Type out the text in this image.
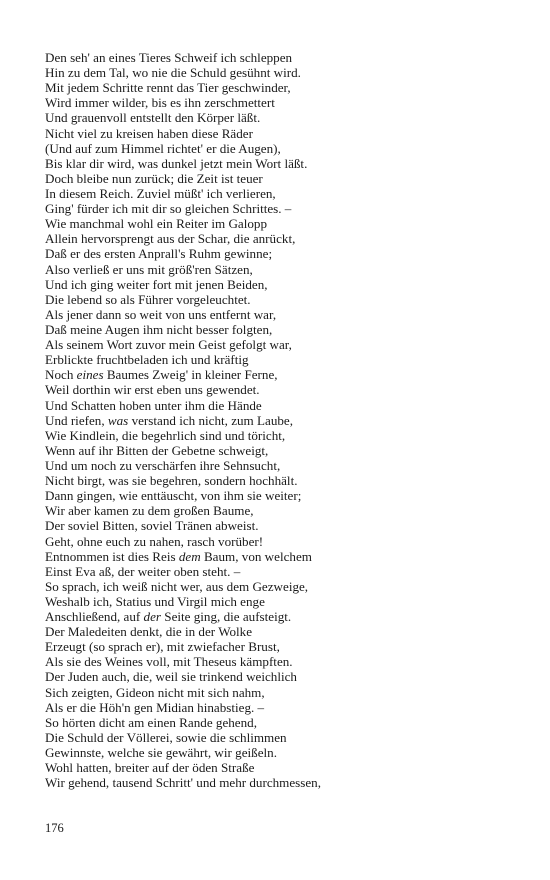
Den seh' an eines Tieres Schweif ich schleppen
Hin zu dem Tal, wo nie die Schuld gesühnt wird.
Mit jedem Schritte rennt das Tier geschwinder,
Wird immer wilder, bis es ihn zerschmettert
Und grauenvoll entstellt den Körper läßt.
Nicht viel zu kreisen haben diese Räder
(Und auf zum Himmel richtet' er die Augen),
Bis klar dir wird, was dunkel jetzt mein Wort läßt.
Doch bleibe nun zurück; die Zeit ist teuer
In diesem Reich. Zuviel müßt' ich verlieren,
Ging' fürder ich mit dir so gleichen Schrittes. –
Wie manchmal wohl ein Reiter im Galopp
Allein hervorsprengt aus der Schar, die anrückt,
Daß er des ersten Anprall's Ruhm gewinne;
Also verließ er uns mit größ'ren Sätzen,
Und ich ging weiter fort mit jenen Beiden,
Die lebend so als Führer vorgeleuchtet.
Als jener dann so weit von uns entfernt war,
Daß meine Augen ihm nicht besser folgten,
Als seinem Wort zuvor mein Geist gefolgt war,
Erblickte fruchtbeladen ich und kräftig
Noch eines Baumes Zweig' in kleiner Ferne,
Weil dorthin wir erst eben uns gewendet.
Und Schatten hoben unter ihm die Hände
Und riefen, was verstand ich nicht, zum Laube,
Wie Kindlein, die begehrlich sind und töricht,
Wenn auf ihr Bitten der Gebetne schweigt,
Und um noch zu verschärfen ihre Sehnsucht,
Nicht birgt, was sie begehren, sondern hochhält.
Dann gingen, wie enttäuscht, von ihm sie weiter;
Wir aber kamen zu dem großen Baume,
Der soviel Bitten, soviel Tränen abweist.
Geht, ohne euch zu nahen, rasch vorüber!
Entnommen ist dies Reis dem Baum, von welchem
Einst Eva aß, der weiter oben steht. –
So sprach, ich weiß nicht wer, aus dem Gezweige,
Weshalb ich, Statius und Virgil mich enge
Anschließend, auf der Seite ging, die aufsteigt.
Der Maledeiten denkt, die in der Wolke
Erzeugt (so sprach er), mit zwiefacher Brust,
Als sie des Weines voll, mit Theseus kämpften.
Der Juden auch, die, weil sie trinkend weichlich
Sich zeigten, Gideon nicht mit sich nahm,
Als er die Höh'n gen Midian hinabstieg. –
So hörten dicht am einen Rande gehend,
Die Schuld der Völlerei, sowie die schlimmen
Gewinnste, welche sie gewährt, wir geißeln.
Wohl hatten, breiter auf der öden Straße
Wir gehend, tausend Schritt' und mehr durchmessen,
176
